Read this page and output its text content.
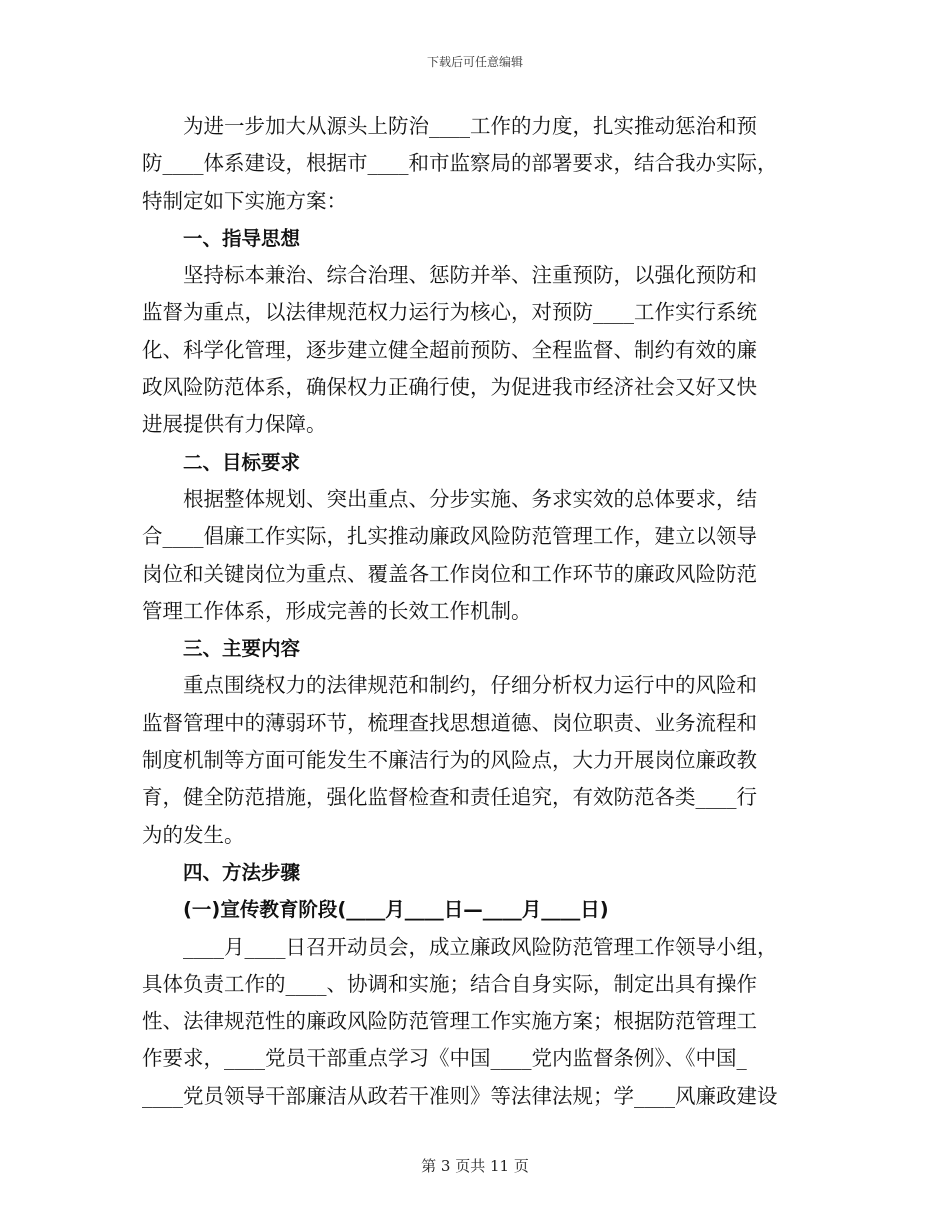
下载后可任意编辑
为进一步加大从源头上防治____工作的力度，扎实推动惩治和预
防____体系建设，根据市____和市监察局的部署要求，结合我办实际，
特制定如下实施方案：
一、指导思想
坚持标本兼治、综合治理、惩防并举、注重预防，以强化预防和
监督为重点，以法律规范权力运行为核心，对预防____工作实行系统
化、科学化管理，逐步建立健全超前预防、全程监督、制约有效的廉
政风险防范体系，确保权力正确行使，为促进我市经济社会又好又快
进展提供有力保障。
二、目标要求
根据整体规划、突出重点、分步实施、务求实效的总体要求，结
合____倡廉工作实际，扎实推动廉政风险防范管理工作，建立以领导
岗位和关键岗位为重点、覆盖各工作岗位和工作环节的廉政风险防范
管理工作体系，形成完善的长效工作机制。
三、主要内容
重点围绕权力的法律规范和制约，仔细分析权力运行中的风险和
监督管理中的薄弱环节，梳理查找思想道德、岗位职责、业务流程和
制度机制等方面可能发生不廉洁行为的风险点，大力开展岗位廉政教
育，健全防范措施，强化监督检查和责任追究，有效防范各类____行
为的发生。
四、方法步骤
(一)宣传教育阶段(____月____日—____月____日)
____月____日召开动员会，成立廉政风险防范管理工作领导小组，
具体负责工作的____、协调和实施；结合自身实际，制定出具有操作
性、法律规范性的廉政风险防范管理工作实施方案；根据防范管理工
作要求，____党员干部重点学习《中国____党内监督条例》、《中国_
____党员领导干部廉洁从政若干准则》等法律法规；学____风廉政建设
第 3 页共 11 页
